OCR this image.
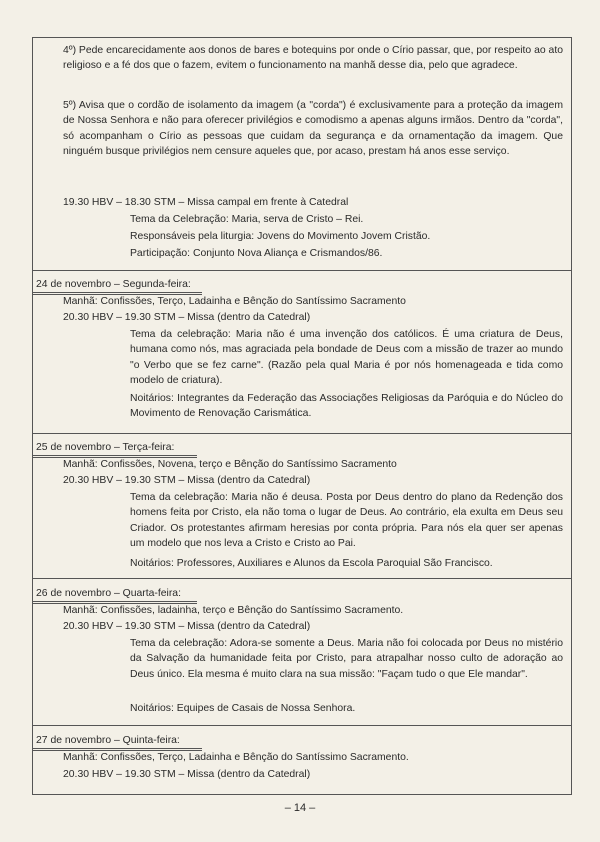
4º) Pede encarecidamente aos donos de bares e botequins por onde o Círio passar, que, por respeito ao ato religioso e a fé dos que o fazem, evitem o funcionamento na manhã desse dia, pelo que agradece.
5º) Avisa que o cordão de isolamento da imagem (a "corda") é exclusivamente para a proteção da imagem de Nossa Senhora e não para oferecer privilégios e comodismo a apenas alguns irmãos. Dentro da "corda", só acompanham o Círio as pessoas que cuidam da segurança e da ornamentação da imagem. Que ninguém busque privilégios nem censure aqueles que, por acaso, prestam há anos esse serviço.
19.30 HBV – 18.30 STM – Missa campal em frente à Catedral
Tema da Celebração: Maria, serva de Cristo – Rei.
Responsáveis pela liturgia: Jovens do Movimento Jovem Cristão.
Participação: Conjunto Nova Aliança e Crismandos/86.
24 de novembro – Segunda-feira:
Manhã: Confissões, Terço, Ladainha e Bênção do Santíssimo Sacramento
20.30 HBV – 19.30 STM – Missa (dentro da Catedral)
Tema da celebração: Maria não é uma invenção dos católicos. É uma criatura de Deus, humana como nós, mas agraciada pela bondade de Deus com a missão de trazer ao mundo "o Verbo que se fez carne". (Razão pela qual Maria é por nós homenageada e tida como modelo de criatura).
Noitários: Integrantes da Federação das Associações Religiosas da Paróquia e do Núcleo do Movimento de Renovação Carismática.
25 de novembro – Terça-feira:
Manhã: Confissões, Novena, terço e Bênção do Santíssimo Sacramento
20.30 HBV – 19.30 STM – Missa (dentro da Catedral)
Tema da celebração: Maria não é deusa. Posta por Deus dentro do plano da Redenção dos homens feita por Cristo, ela não toma o lugar de Deus. Ao contrário, ela exulta em Deus seu Criador. Os protestantes afirmam heresias por conta própria. Para nós ela quer ser apenas um modelo que nos leva a Cristo e Cristo ao Pai.
Noitários: Professores, Auxiliares e Alunos da Escola Paroquial São Francisco.
26 de novembro – Quarta-feira:
Manhã: Confissões, ladainha, terço e Bênção do Santíssimo Sacramento.
20.30 HBV – 19.30 STM – Missa (dentro da Catedral)
Tema da celebração: Adora-se somente a Deus. Maria não foi colocada por Deus no mistério da Salvação da humanidade feita por Cristo, para atrapalhar nosso culto de adoração ao Deus único. Ela mesma é muito clara na sua missão: "Façam tudo o que Ele mandar".
Noitários: Equipes de Casais de Nossa Senhora.
27 de novembro – Quinta-feira:
Manhã: Confissões, Terço, Ladainha e Bênção do Santíssimo Sacramento.
20.30 HBV – 19.30 STM – Missa (dentro da Catedral)
– 14 –
